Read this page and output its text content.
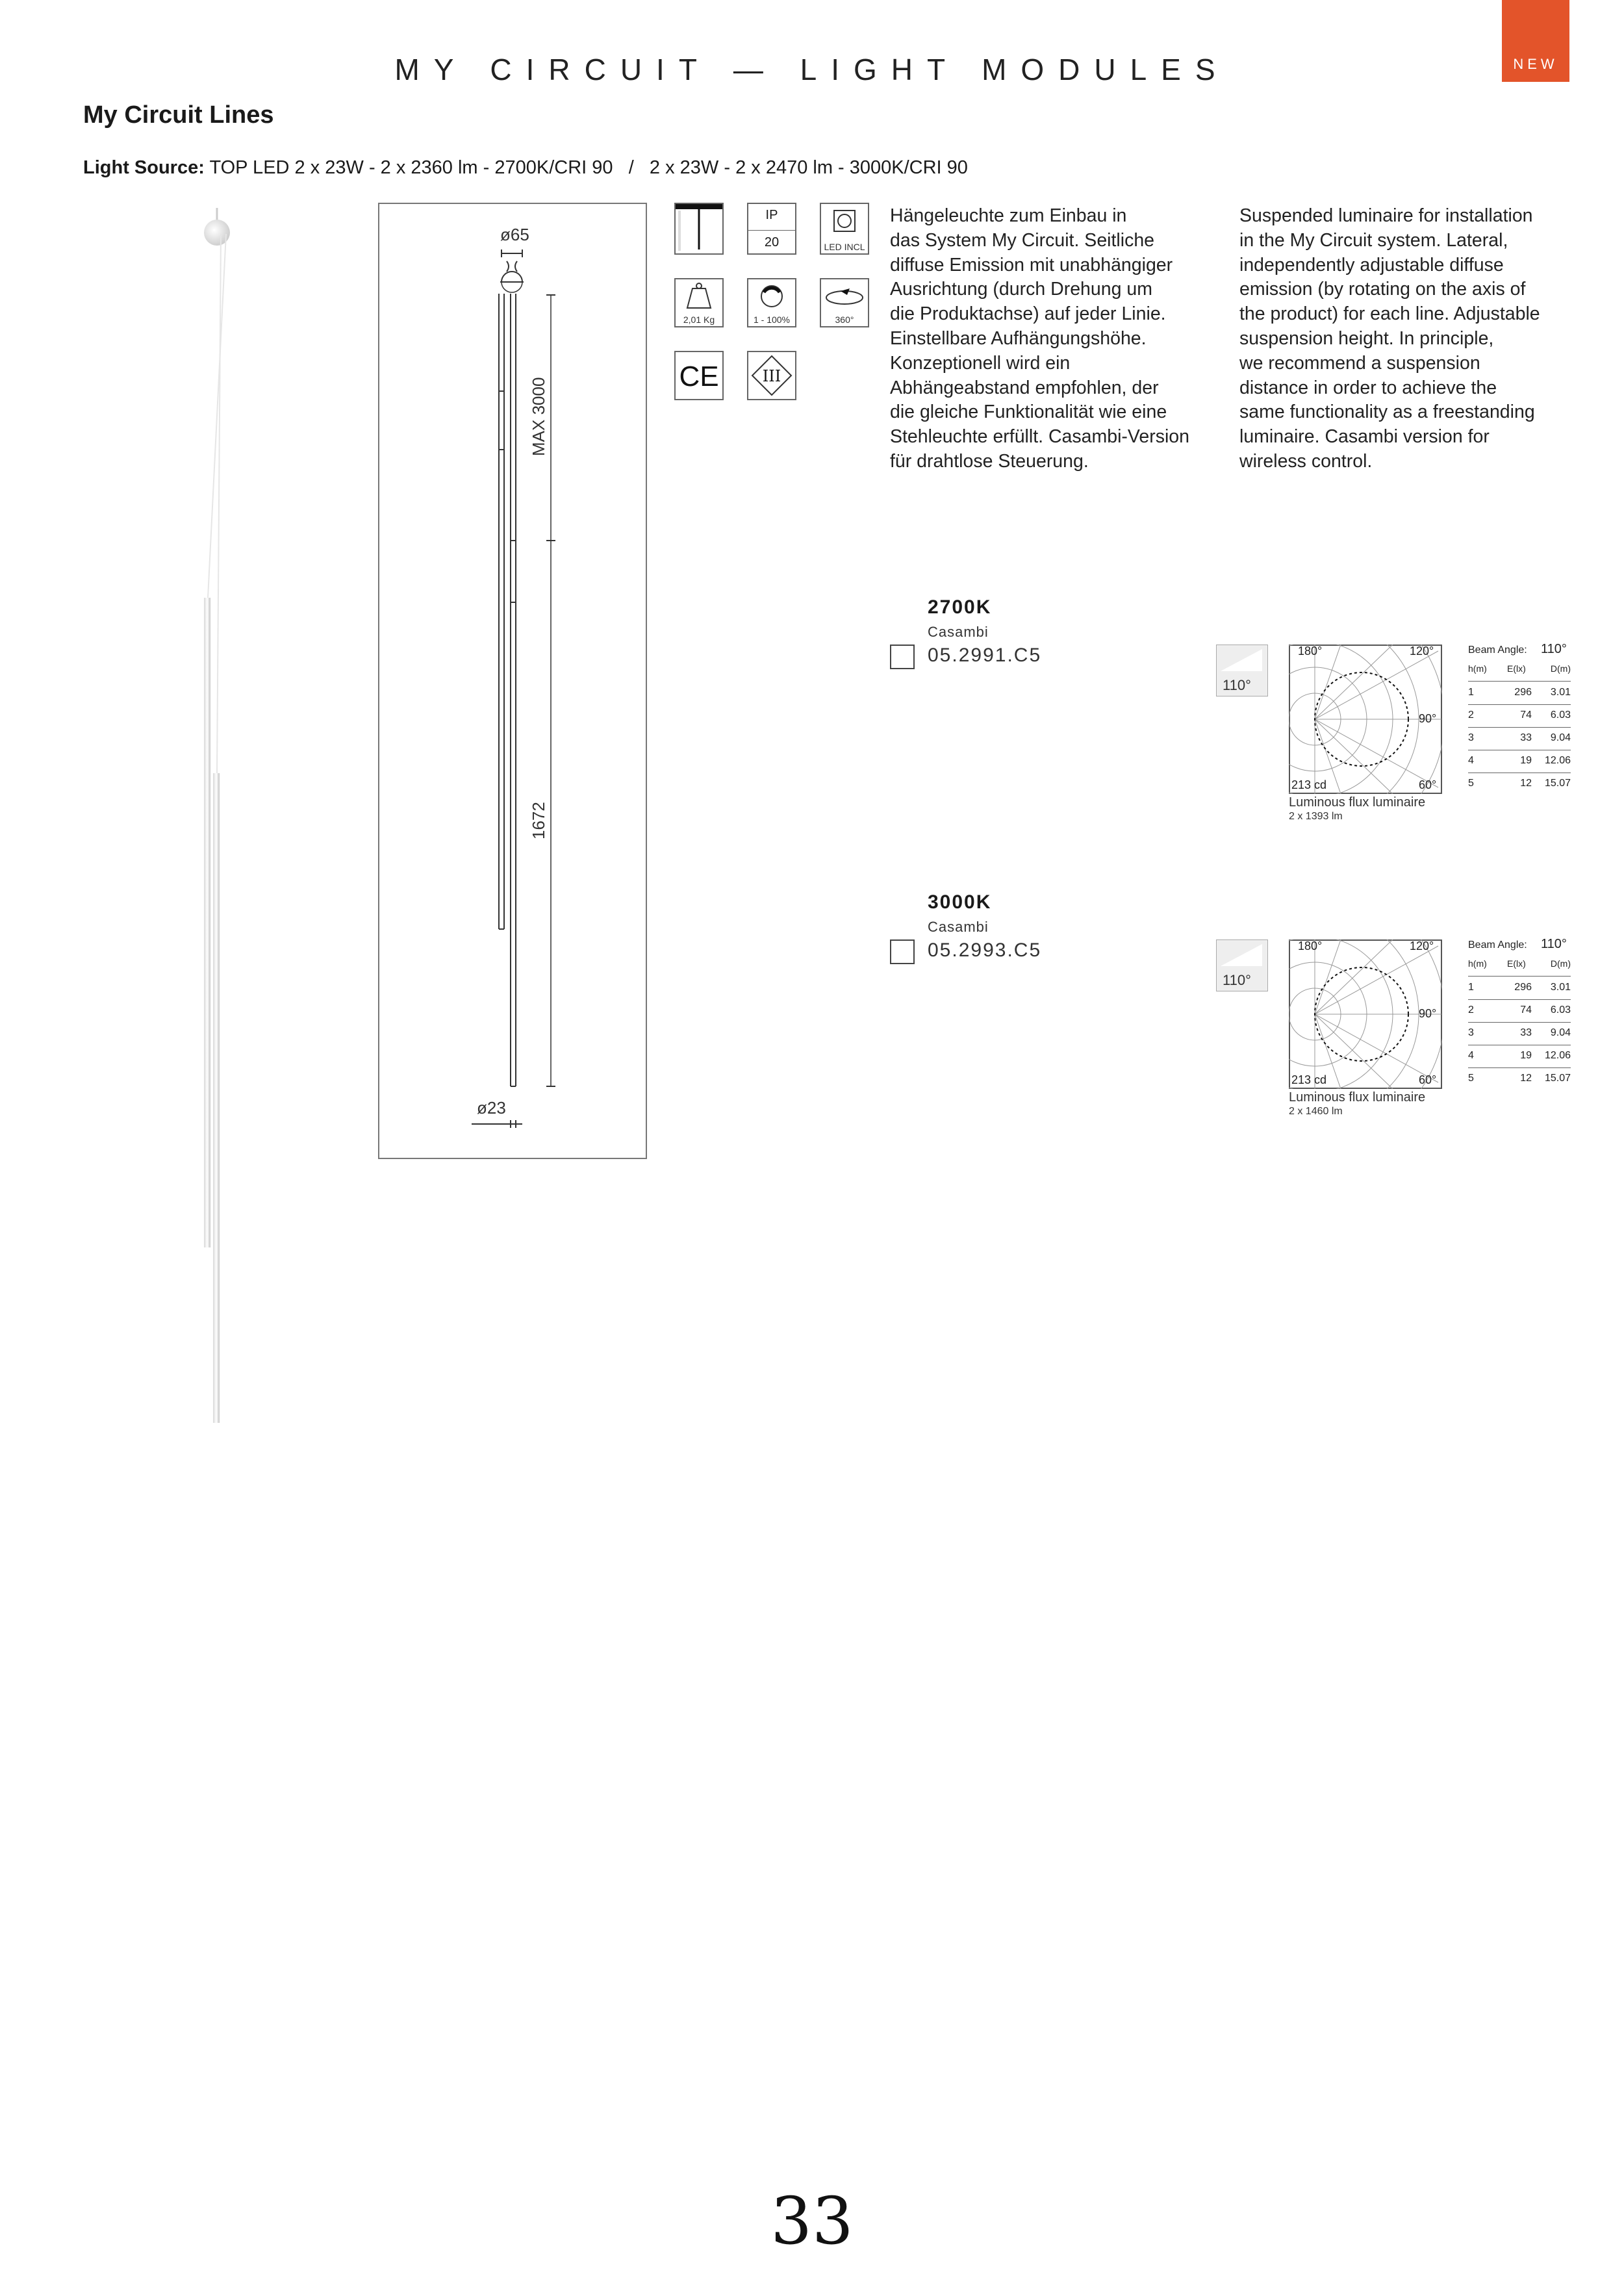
MY CIRCUIT — LIGHT MODULES	NEW
My Circuit Lines
Light Source: TOP LED 2 x 23W - 2 x 2360 lm - 2700K/CRI 90   /   2 x 23W - 2 x 2470 lm - 3000K/CRI 90
ø65
ø23
MAX 3000
1672
IP
20	LED INCL
2,01 Kg	1 - 100%	360°
CE	III
Hängeleuchte zum Einbau in
das System My Circuit. Seitliche
diffuse Emission mit unabhängiger
Ausrichtung (durch Drehung um
die Produktachse) auf jeder Linie.
Einstellbare Aufhängungshöhe.
Konzeptionell wird ein
Abhängeabstand empfohlen, der
die gleiche Funktionalität wie eine
Stehleuchte erfüllt. Casambi-Version
für drahtlose Steuerung.
Suspended luminaire for installation
in the My Circuit system. Lateral,
independently adjustable diffuse
emission (by rotating on the axis of
the product) for each line. Adjustable
suspension height. In principle,
we recommend a suspension
distance in order to achieve the
same functionality as a freestanding
luminaire. Casambi version for
wireless control.
2700K
Casambi
05.2991.C5
110°
180°	120°
90°
60°
213 cd
Luminous flux luminaire
2 x 1393 lm
Beam Angle: 110°
h(m) E(lx)	D(m)
1	296 3.01
2	74 6.03
3	33 9.04
4	19 12.06
5	12 15.07
3000K
Casambi
05.2993.C5
110°
180°	120°
90°
60°
213 cd
Luminous flux luminaire
2 x 1460 lm
Beam Angle: 110°
h(m) E(lx)	D(m)
1	296 3.01
2	74 6.03
3	33 9.04
4	19 12.06
5	12 15.07
33
